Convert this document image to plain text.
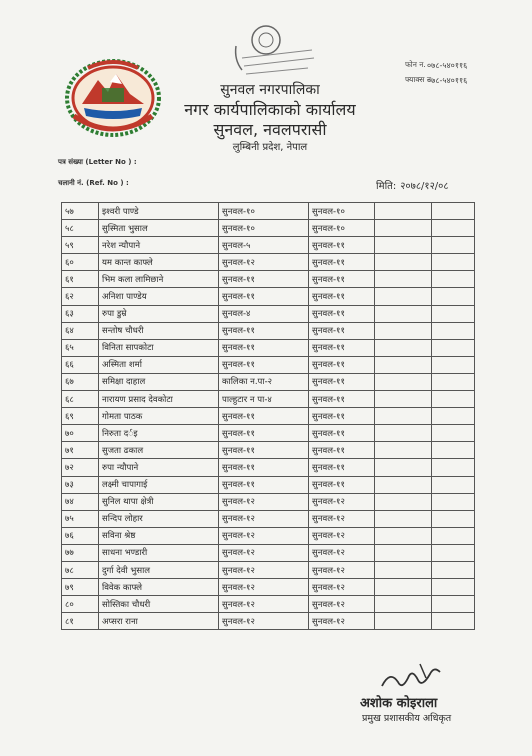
सुनवल नगरपालिका
नगर कार्यपालिकाको कार्यालय
सुनवल, नवलपरासी
लुम्बिनी प्रदेश, नेपाल
फोन न. ०७८-५४०११६
फ्याक्स न.
०७८-५४०११६
पत्र संख्या (Letter No ) :
चलानी नं. (Ref. No ) :	मिति: २०७८/१२/०८
५७	इश्वरी पाण्डे	सुनवल-१०	सुनवल-१०		
५८	सुस्मिता भुसाल	सुनवल-१०	सुनवल-१०		
५९	नरेश न्यौपाने	सुनवल-५	सुनवल-११		
६०	यम कान्त काफ्ले	सुनवल-१२	सुनवल-११		
६१	भिम कला लामिछाने	सुनवल-११	सुनवल-११		
६२	अनिशा पाण्डेय	सुनवल-११	सुनवल-११		
६३	रुपा डुम्रे	सुनवल-४	सुनवल-११		
६४	सन्तोष चौधरी	सुनवल-११	सुनवल-११		
६५	विनिता सापकोटा	सुनवल-११	सुनवल-११		
६६	अस्मिता शर्मा	सुनवल-११	सुनवल-११		
६७	समिक्षा दाहाल	कालिका न.पा-२	सुनवल-११		
६८	नारायण प्रसाद देवकोटा	पाल्हुटार न पा-४	सुनवल-११		
६९	गोमता पाठक	सुनवल-११	सुनवल-११		
७०	निरुता दर्इ	सुनवल-११	सुनवल-११		
७१	सुजता ढकाल	सुनवल-११	सुनवल-११		
७२	रुपा न्यौपाने	सुनवल-११	सुनवल-११		
७३	लक्ष्मी चापागाई	सुनवल-११	सुनवल-११		
७४	सुनिल थापा क्षेत्री	सुनवल-१२	सुनवल-१२		
७५	सन्दिप लोहार	सुनवल-१२	सुनवल-१२		
७६	सविना श्रेष्ठ	सुनवल-१२	सुनवल-१२		
७७	साधना भण्डारी	सुनवल-१२	सुनवल-१२		
७८	दुर्गा देवी भुसाल	सुनवल-१२	सुनवल-१२		
७९	विवेक काफ्ले	सुनवल-१२	सुनवल-१२		
८०	सोस्तिका चौधरी	सुनवल-१२	सुनवल-१२		
८१	अप्सरा राना	सुनवल-१२	सुनवल-१२		
अशोक कोइराला
प्रमुख प्रशासकीय अधिकृत
